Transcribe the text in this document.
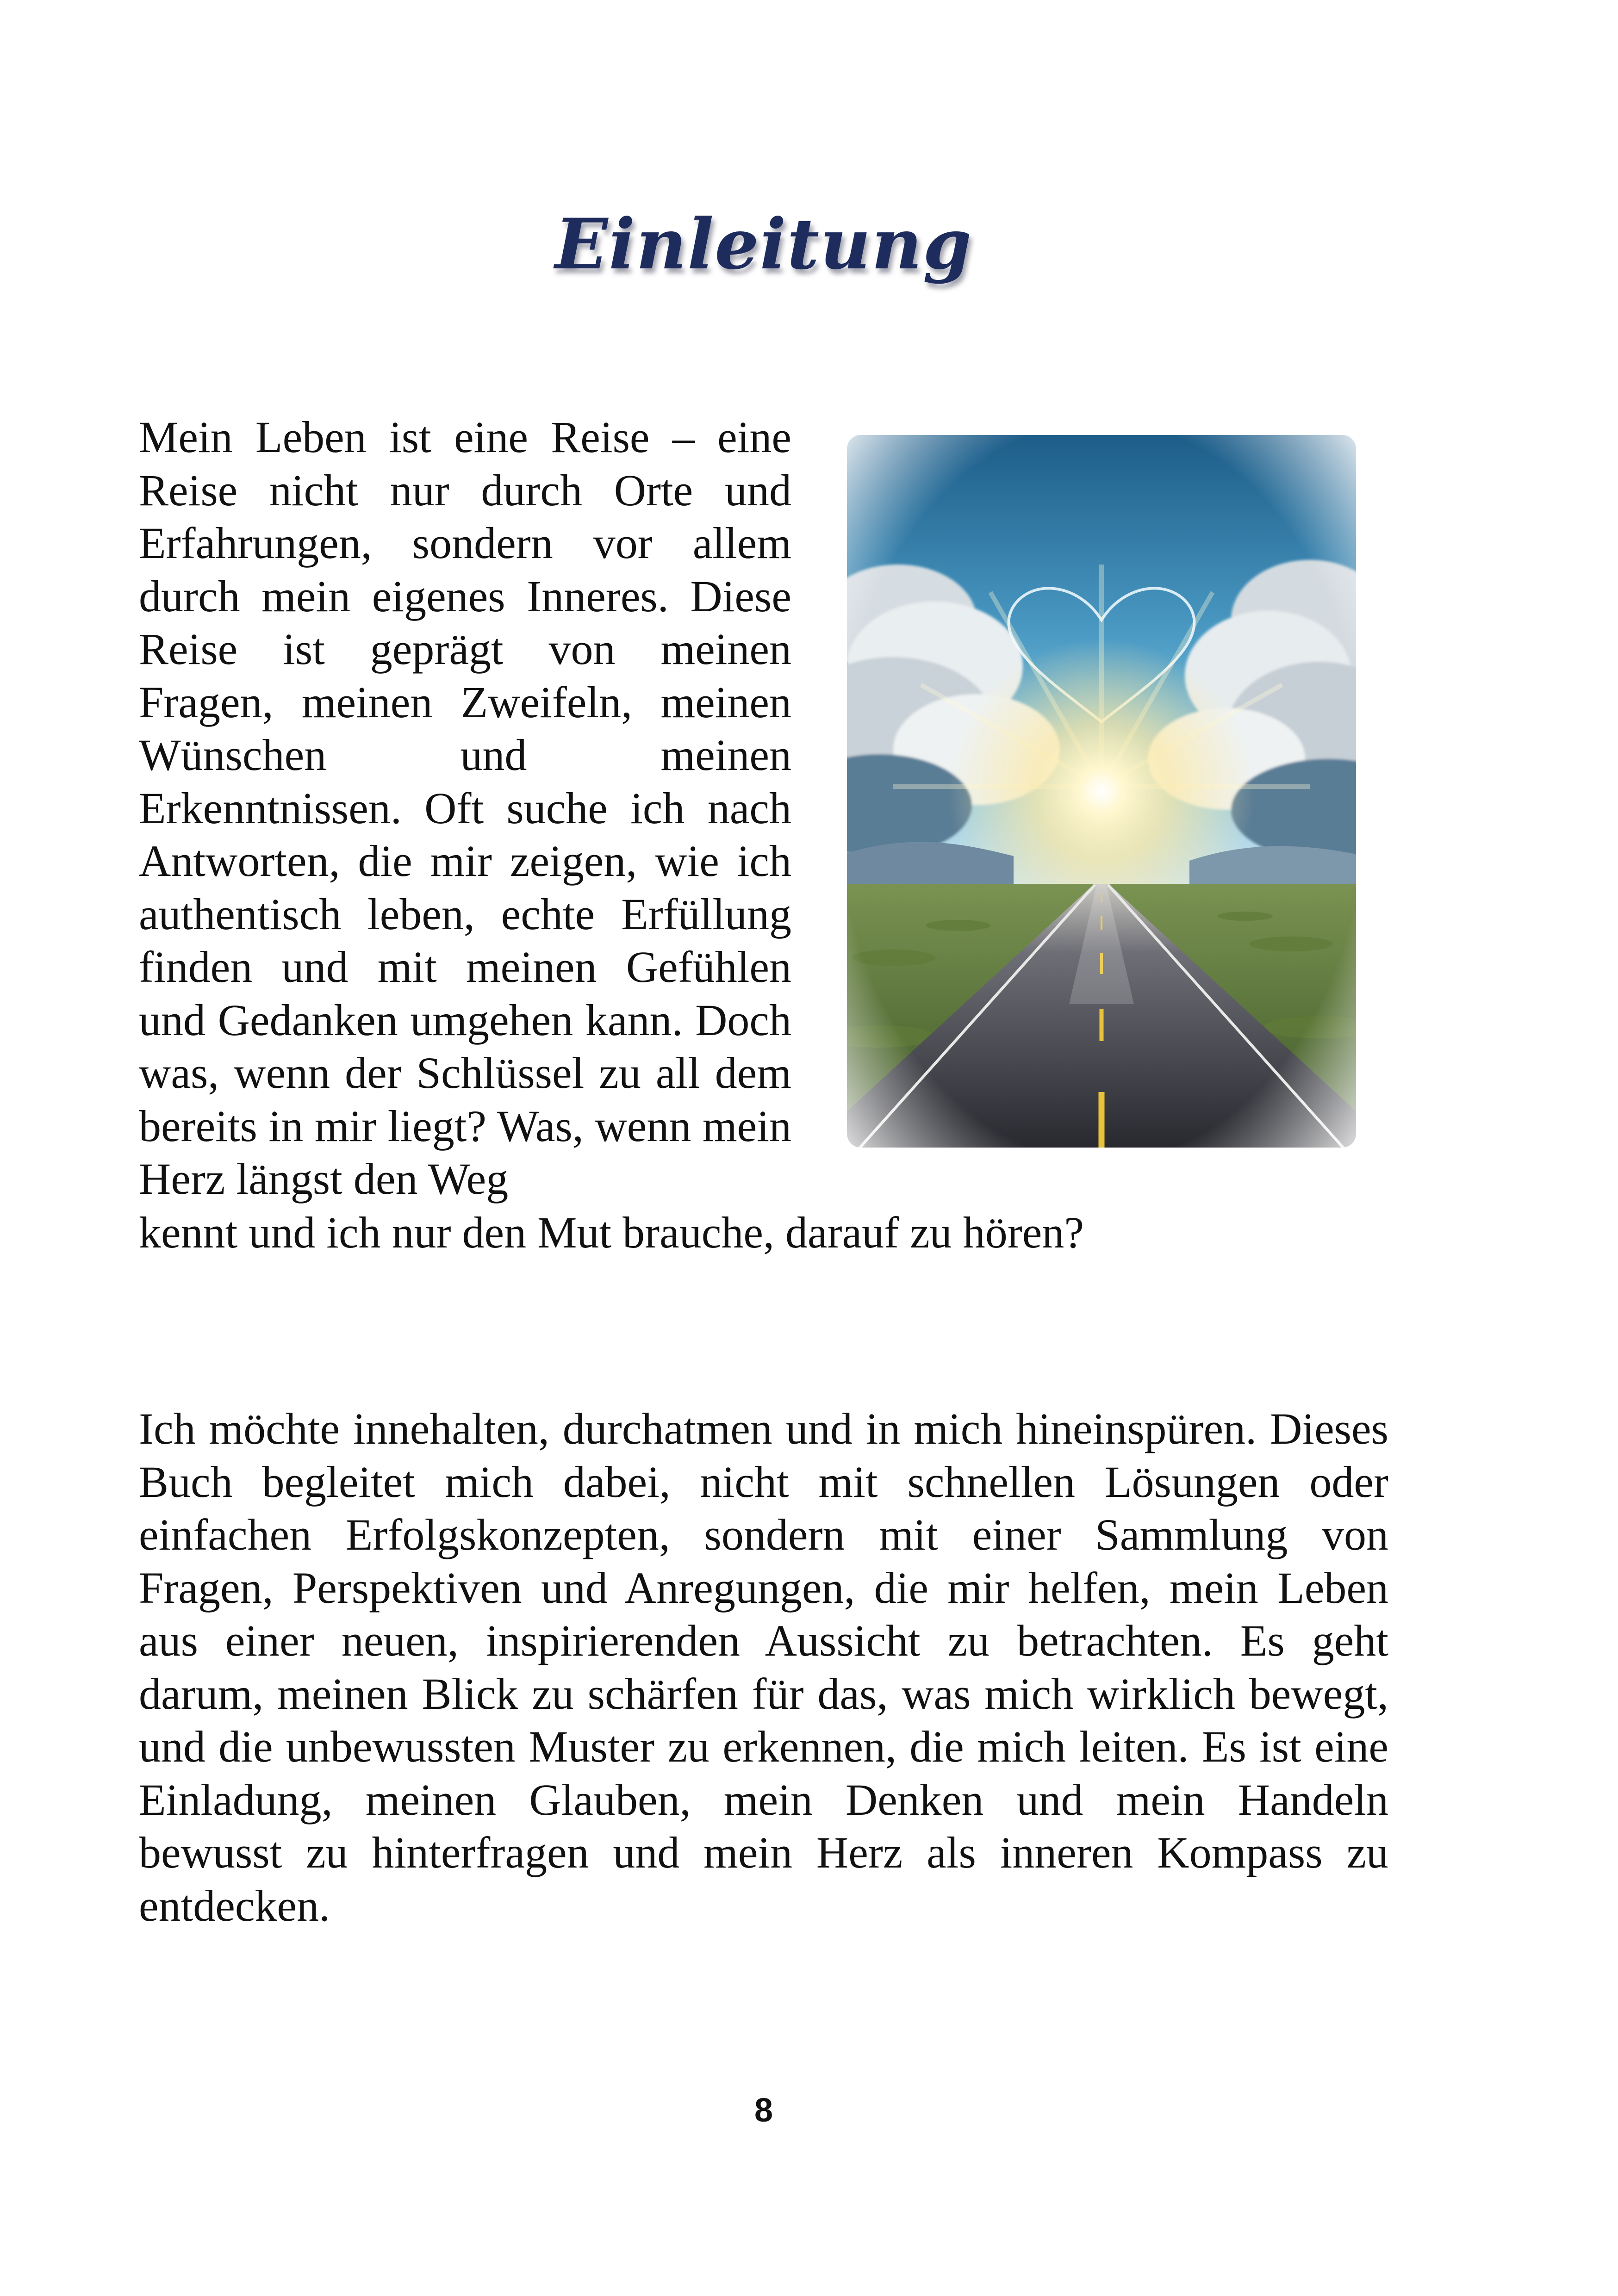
Einleitung

Mein Leben ist eine Reise – eine Reise nicht nur durch Orte und Erfahrungen, sondern vor allem durch mein eigenes Inneres. Diese Reise ist geprägt von meinen Fragen, meinen Zweifeln, meinen Wünschen und meinen Erkenntnissen. Oft suche ich nach Antworten, die mir zeigen, wie ich authentisch leben, echte Erfüllung finden und mit meinen Gefühlen und Gedanken umgehen kann. Doch was, wenn der Schlüssel zu all dem bereits in mir liegt? Was, wenn mein Herz längst den Weg

kennt und ich nur den Mut brauche, darauf zu hören?

Ich möchte innehalten, durchatmen und in mich hineinspüren. Dieses Buch begleitet mich dabei, nicht mit schnellen Lösungen oder einfachen Erfolgskonzepten, sondern mit einer Sammlung von Fragen, Perspektiven und Anregungen, die mir helfen, mein Leben aus einer neuen, inspirierenden Aussicht zu betrachten. Es geht darum, meinen Blick zu schärfen für das, was mich wirklich bewegt, und die unbewussten Muster zu erkennen, die mich leiten. Es ist eine Einladung, meinen Glauben, mein Denken und mein Handeln bewusst zu hinterfragen und mein Herz als inneren Kompass zu entdecken.

8
